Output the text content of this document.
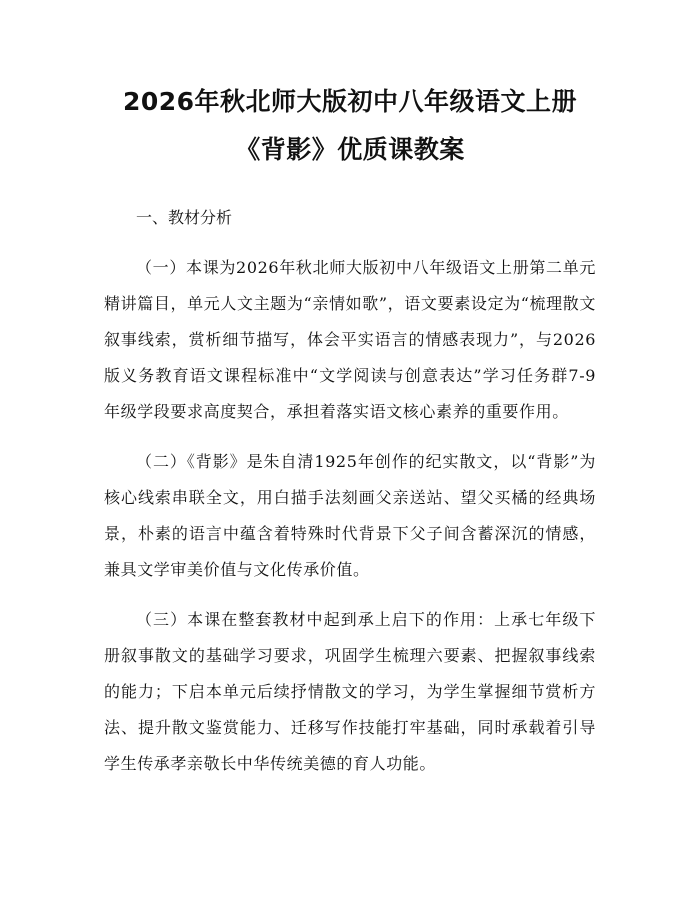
2026年秋北师大版初中八年级语文上册《背影》优质课教案

一、教材分析

（一）本课为2026年秋北师大版初中八年级语文上册第二单元精讲篇目，单元人文主题为“亲情如歌”，语文要素设定为“梳理散文叙事线索，赏析细节描写，体会平实语言的情感表现力”，与2026版义务教育语文课程标准中“文学阅读与创意表达”学习任务群7-9年级学段要求高度契合，承担着落实语文核心素养的重要作用。

（二）《背影》是朱自清1925年创作的纪实散文，以“背影”为核心线索串联全文，用白描手法刻画父亲送站、望父买橘的经典场景，朴素的语言中蕴含着特殊时代背景下父子间含蓄深沉的情感，兼具文学审美价值与文化传承价值。

（三）本课在整套教材中起到承上启下的作用：上承七年级下册叙事散文的基础学习要求，巩固学生梳理六要素、把握叙事线索的能力；下启本单元后续抒情散文的学习，为学生掌握细节赏析方法、提升散文鉴赏能力、迁移写作技能打牢基础，同时承载着引导学生传承孝亲敬长中华传统美德的育人功能。
